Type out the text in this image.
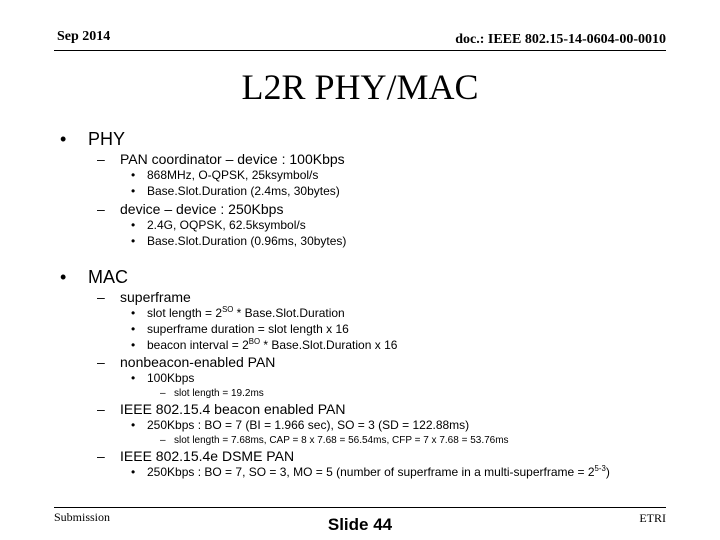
Sep 2014	doc.: IEEE 802.15-14-0604-00-0010
L2R PHY/MAC
• PHY
– PAN coordinator – device : 100Kbps
• 868MHz, O-QPSK, 25ksymbol/s
• Base.Slot.Duration (2.4ms, 30bytes)
– device – device : 250Kbps
• 2.4G, OQPSK, 62.5ksymbol/s
• Base.Slot.Duration (0.96ms, 30bytes)
• MAC
– superframe
• slot length = $2^{SO}$ * Base.Slot.Duration
• superframe duration = slot length x 16
• beacon interval = $2^{BO}$ * Base.Slot.Duration x 16
– nonbeacon-enabled PAN
• 100Kbps
– slot length = 19.2ms
– IEEE 802.15.4 beacon enabled PAN
• 250Kbps : BO = 7 (BI = 1.966 sec), SO = 3 (SD = 122.88ms)
– slot length = 7.68ms, CAP = 8 x 7.68 = 56.54ms, CFP = 7 x 7.68 = 53.76ms
– IEEE 802.15.4e DSME PAN
• 250Kbps : BO = 7, SO = 3, MO = 5 (number of superframe in a multi-superframe = $2^{5-3}$)
Submission	Slide 44	ETRI
